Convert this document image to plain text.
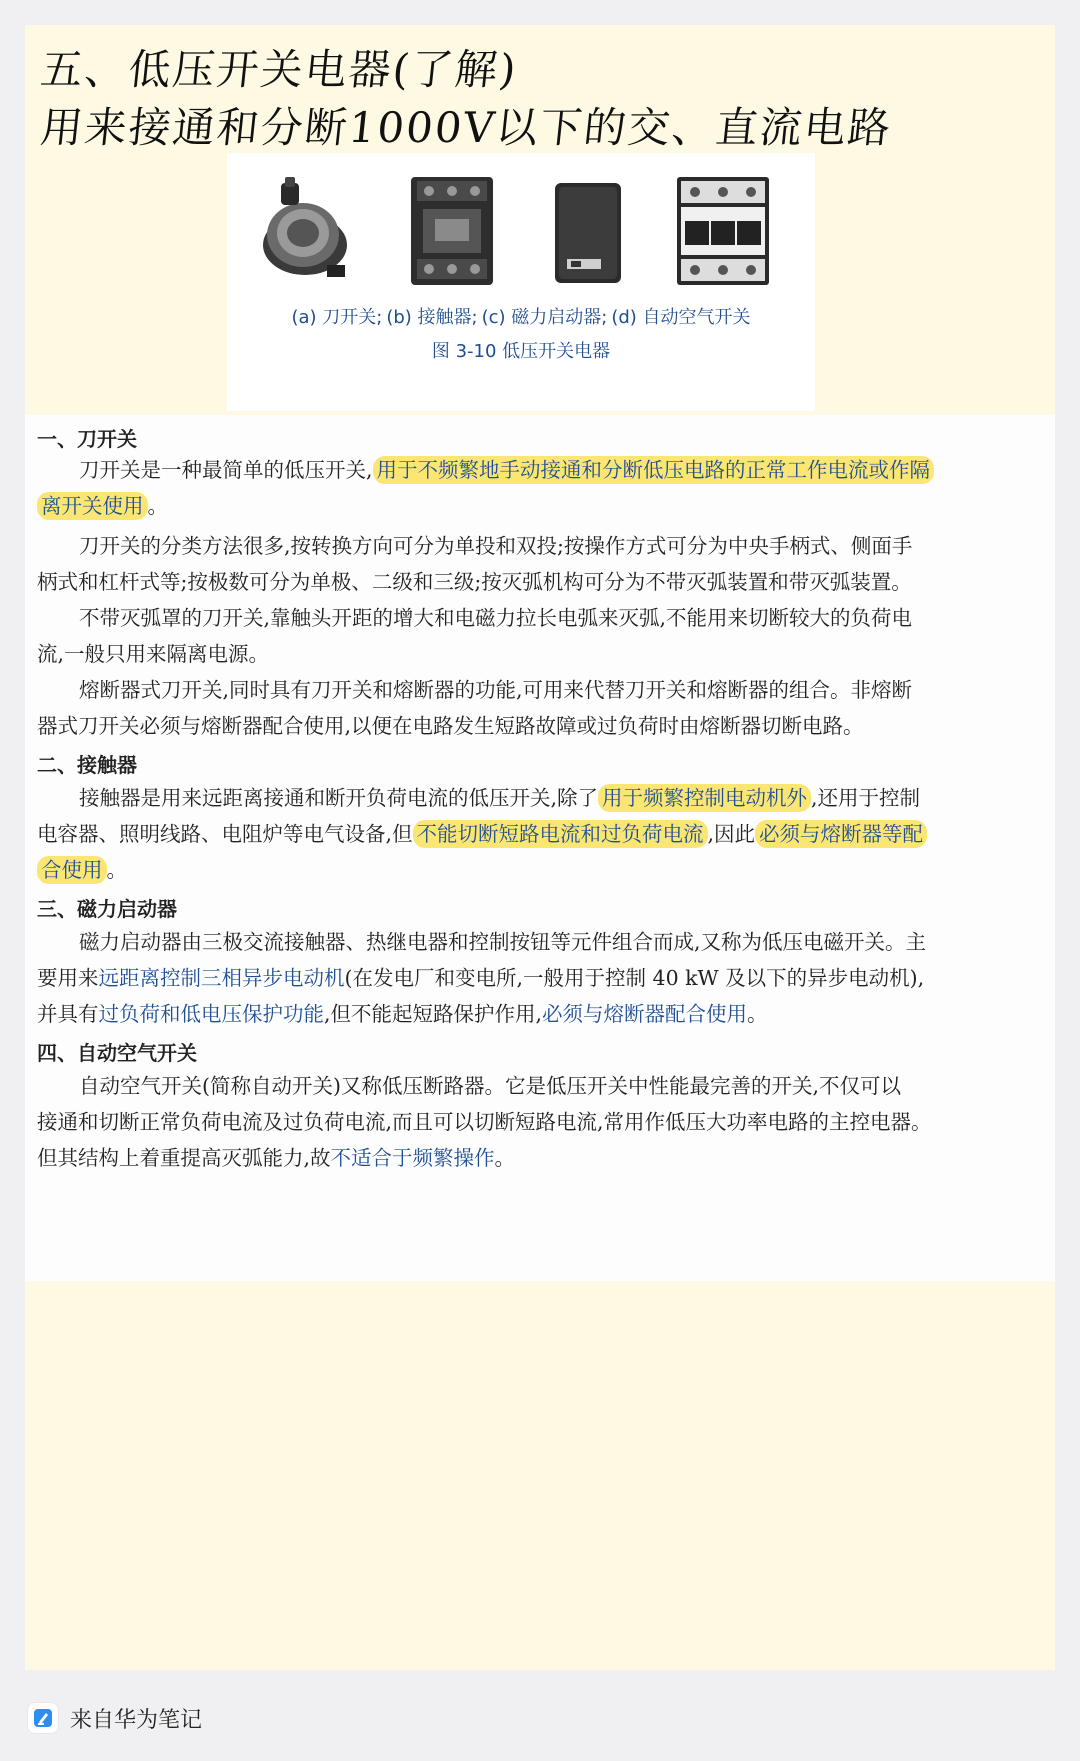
五、低压开关电器(了解)
用来接通和分断1000V以下的交、直流电路
(a) 刀开关; (b) 接触器; (c) 磁力启动器; (d) 自动空气开关
图 3-10 低压开关电器
一、刀开关
刀开关是一种最简单的低压开关, 用于不频繁地手动接通和分断低压电路的正常工作电流或作隔
离开关使用 。
刀开关的分类方法很多,按转换方向可分为单投和双投;按操作方式可分为中央手柄式、侧面手
柄式和杠杆式等;按极数可分为单极、二级和三级;按灭弧机构可分为不带灭弧装置和带灭弧装置。
不带灭弧罩的刀开关,靠触头开距的增大和电磁力拉长电弧来灭弧,不能用来切断较大的负荷电
流,一般只用来隔离电源。
熔断器式刀开关,同时具有刀开关和熔断器的功能,可用来代替刀开关和熔断器的组合。非熔断
器式刀开关必须与熔断器配合使用,以便在电路发生短路故障或过负荷时由熔断器切断电路。
二、接触器
接触器是用来远距离接通和断开负荷电流的低压开关,除了 用于频繁控制电动机外 ,还用于控制
电容器、照明线路、电阻炉等电气设备,但 不能切断短路电流和过负荷电流 ,因此 必须与熔断器等配
合使用 。
三、磁力启动器
磁力启动器由三极交流接触器、热继电器和控制按钮等元件组合而成,又称为低压电磁开关。主
要用来远距离控制三相异步电动机(在发电厂和变电所,一般用于控制 40 kW 及以下的异步电动机),
并具有过负荷和低电压保护功能,但不能起短路保护作用,必须与熔断器配合使用。
四、自动空气开关
自动空气开关(简称自动开关)又称低压断路器。它是低压开关中性能最完善的开关,不仅可以
接通和切断正常负荷电流及过负荷电流,而且可以切断短路电流,常用作低压大功率电路的主控电器。
但其结构上着重提高灭弧能力,故不适合于频繁操作。
来自华为笔记
